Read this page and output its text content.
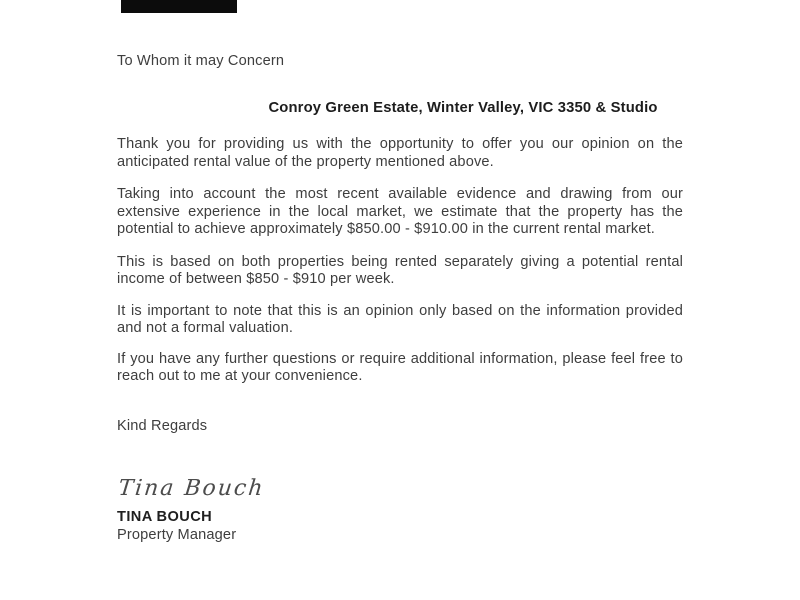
To Whom it may Concern
Conroy Green Estate, Winter Valley, VIC 3350 & Studio

Thank you for providing us with the opportunity to offer you our opinion on the anticipated rental value of the property mentioned above.

Taking into account the most recent available evidence and drawing from our extensive experience in the local market, we estimate that the property has the potential to achieve approximately $850.00 - $910.00 in the current rental market.

This is based on both properties being rented separately giving a potential rental income of between $850 - $910 per week.

It is important to note that this is an opinion only based on the information provided and not a formal valuation.

If you have any further questions or require additional information, please feel free to reach out to me at your convenience.

Kind Regards
Tina Bouch
TINA BOUCH
Property Manager
